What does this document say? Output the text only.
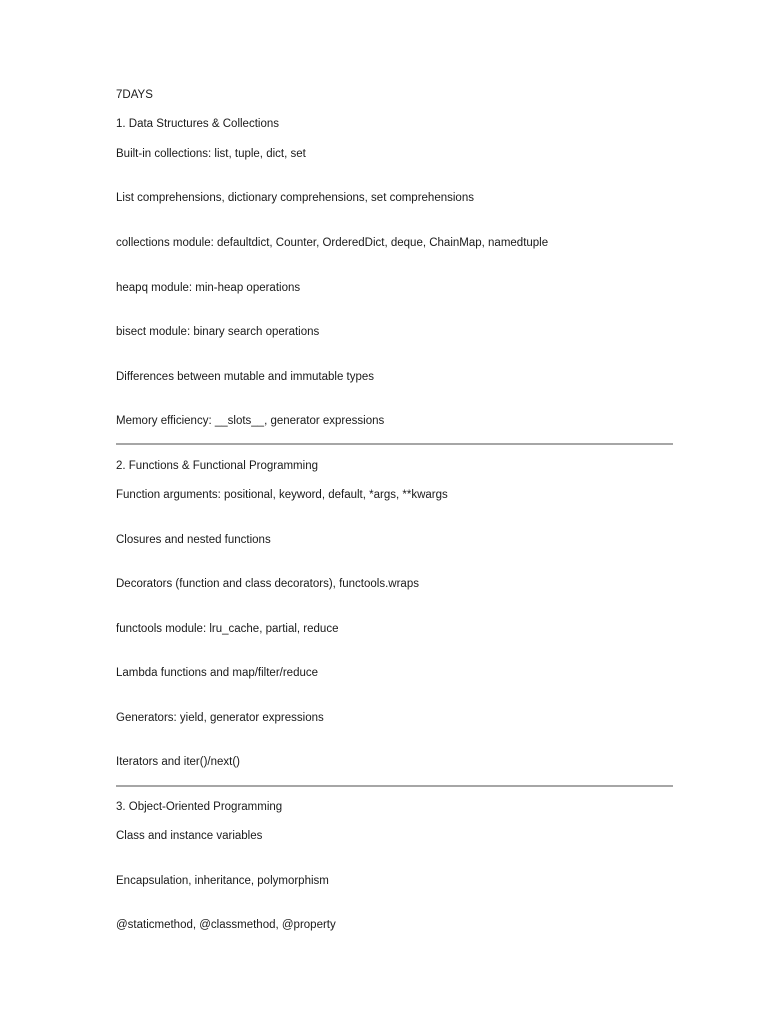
7DAYS
1. Data Structures & Collections
Built-in collections: list, tuple, dict, set
List comprehensions, dictionary comprehensions, set comprehensions
collections module: defaultdict, Counter, OrderedDict, deque, ChainMap, namedtuple
heapq module: min-heap operations
bisect module: binary search operations
Differences between mutable and immutable types
Memory efficiency: __slots__, generator expressions
2. Functions & Functional Programming
Function arguments: positional, keyword, default, *args, **kwargs
Closures and nested functions
Decorators (function and class decorators), functools.wraps
functools module: lru_cache, partial, reduce
Lambda functions and map/filter/reduce
Generators: yield, generator expressions
Iterators and iter()/next()
3. Object-Oriented Programming
Class and instance variables
Encapsulation, inheritance, polymorphism
@staticmethod, @classmethod, @property
